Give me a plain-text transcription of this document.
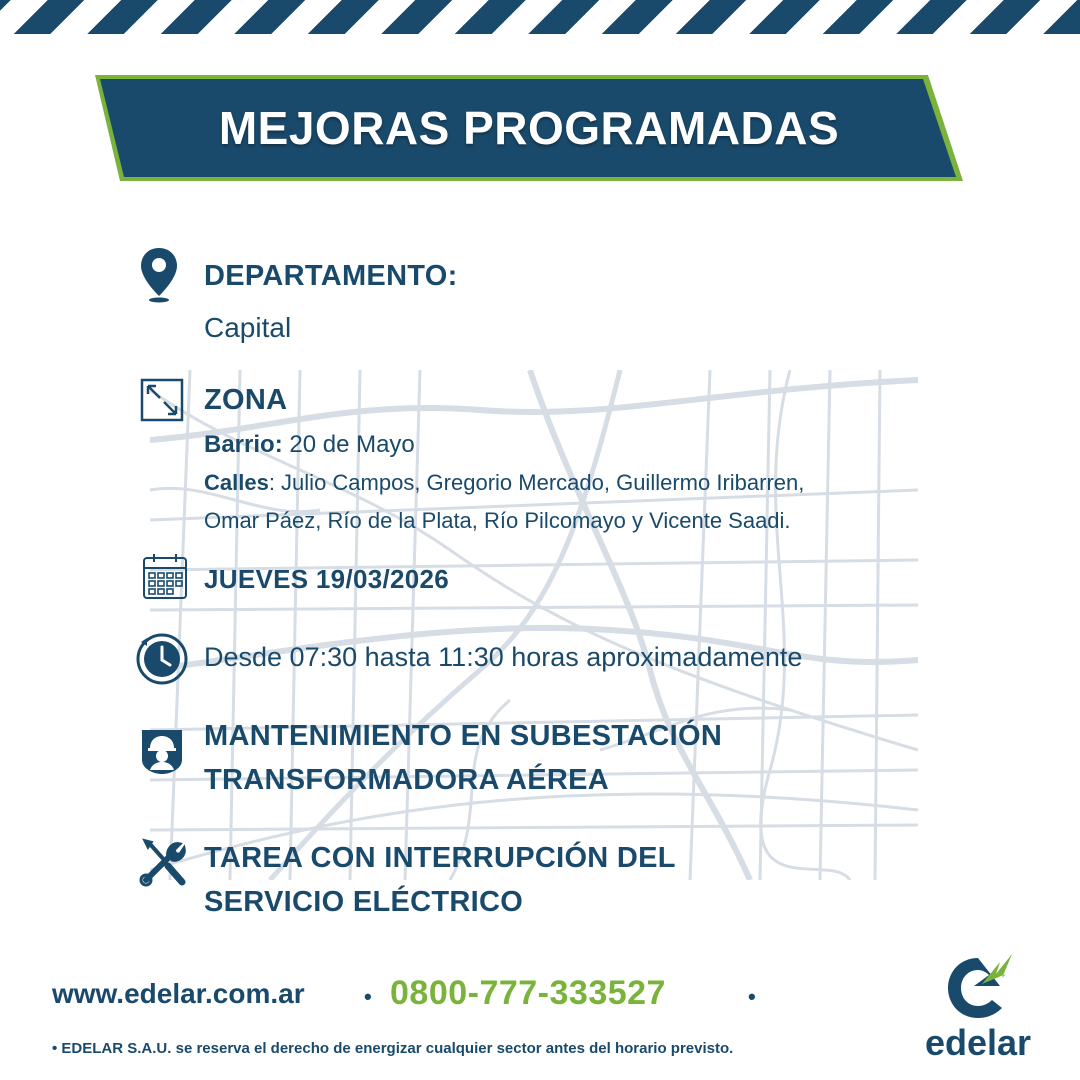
MEJORAS PROGRAMADAS
DEPARTAMENTO:
Capital
ZONA
Barrio: 20 de Mayo
Calles: Julio Campos, Gregorio Mercado, Guillermo Iribarren,
Omar Páez, Río de la Plata, Río Pilcomayo y Vicente Saadi.
JUEVES 19/03/2026
Desde 07:30 hasta 11:30 horas aproximadamente
MANTENIMIENTO EN SUBESTACIÓN
TRANSFORMADORA AÉREA
TAREA CON INTERRUPCIÓN DEL
SERVICIO ELÉCTRICO
www.edelar.com.ar	• 0800-777-333527	•
• EDELAR S.A.U. se reserva el derecho de energizar cualquier sector antes del horario previsto.	edelar
